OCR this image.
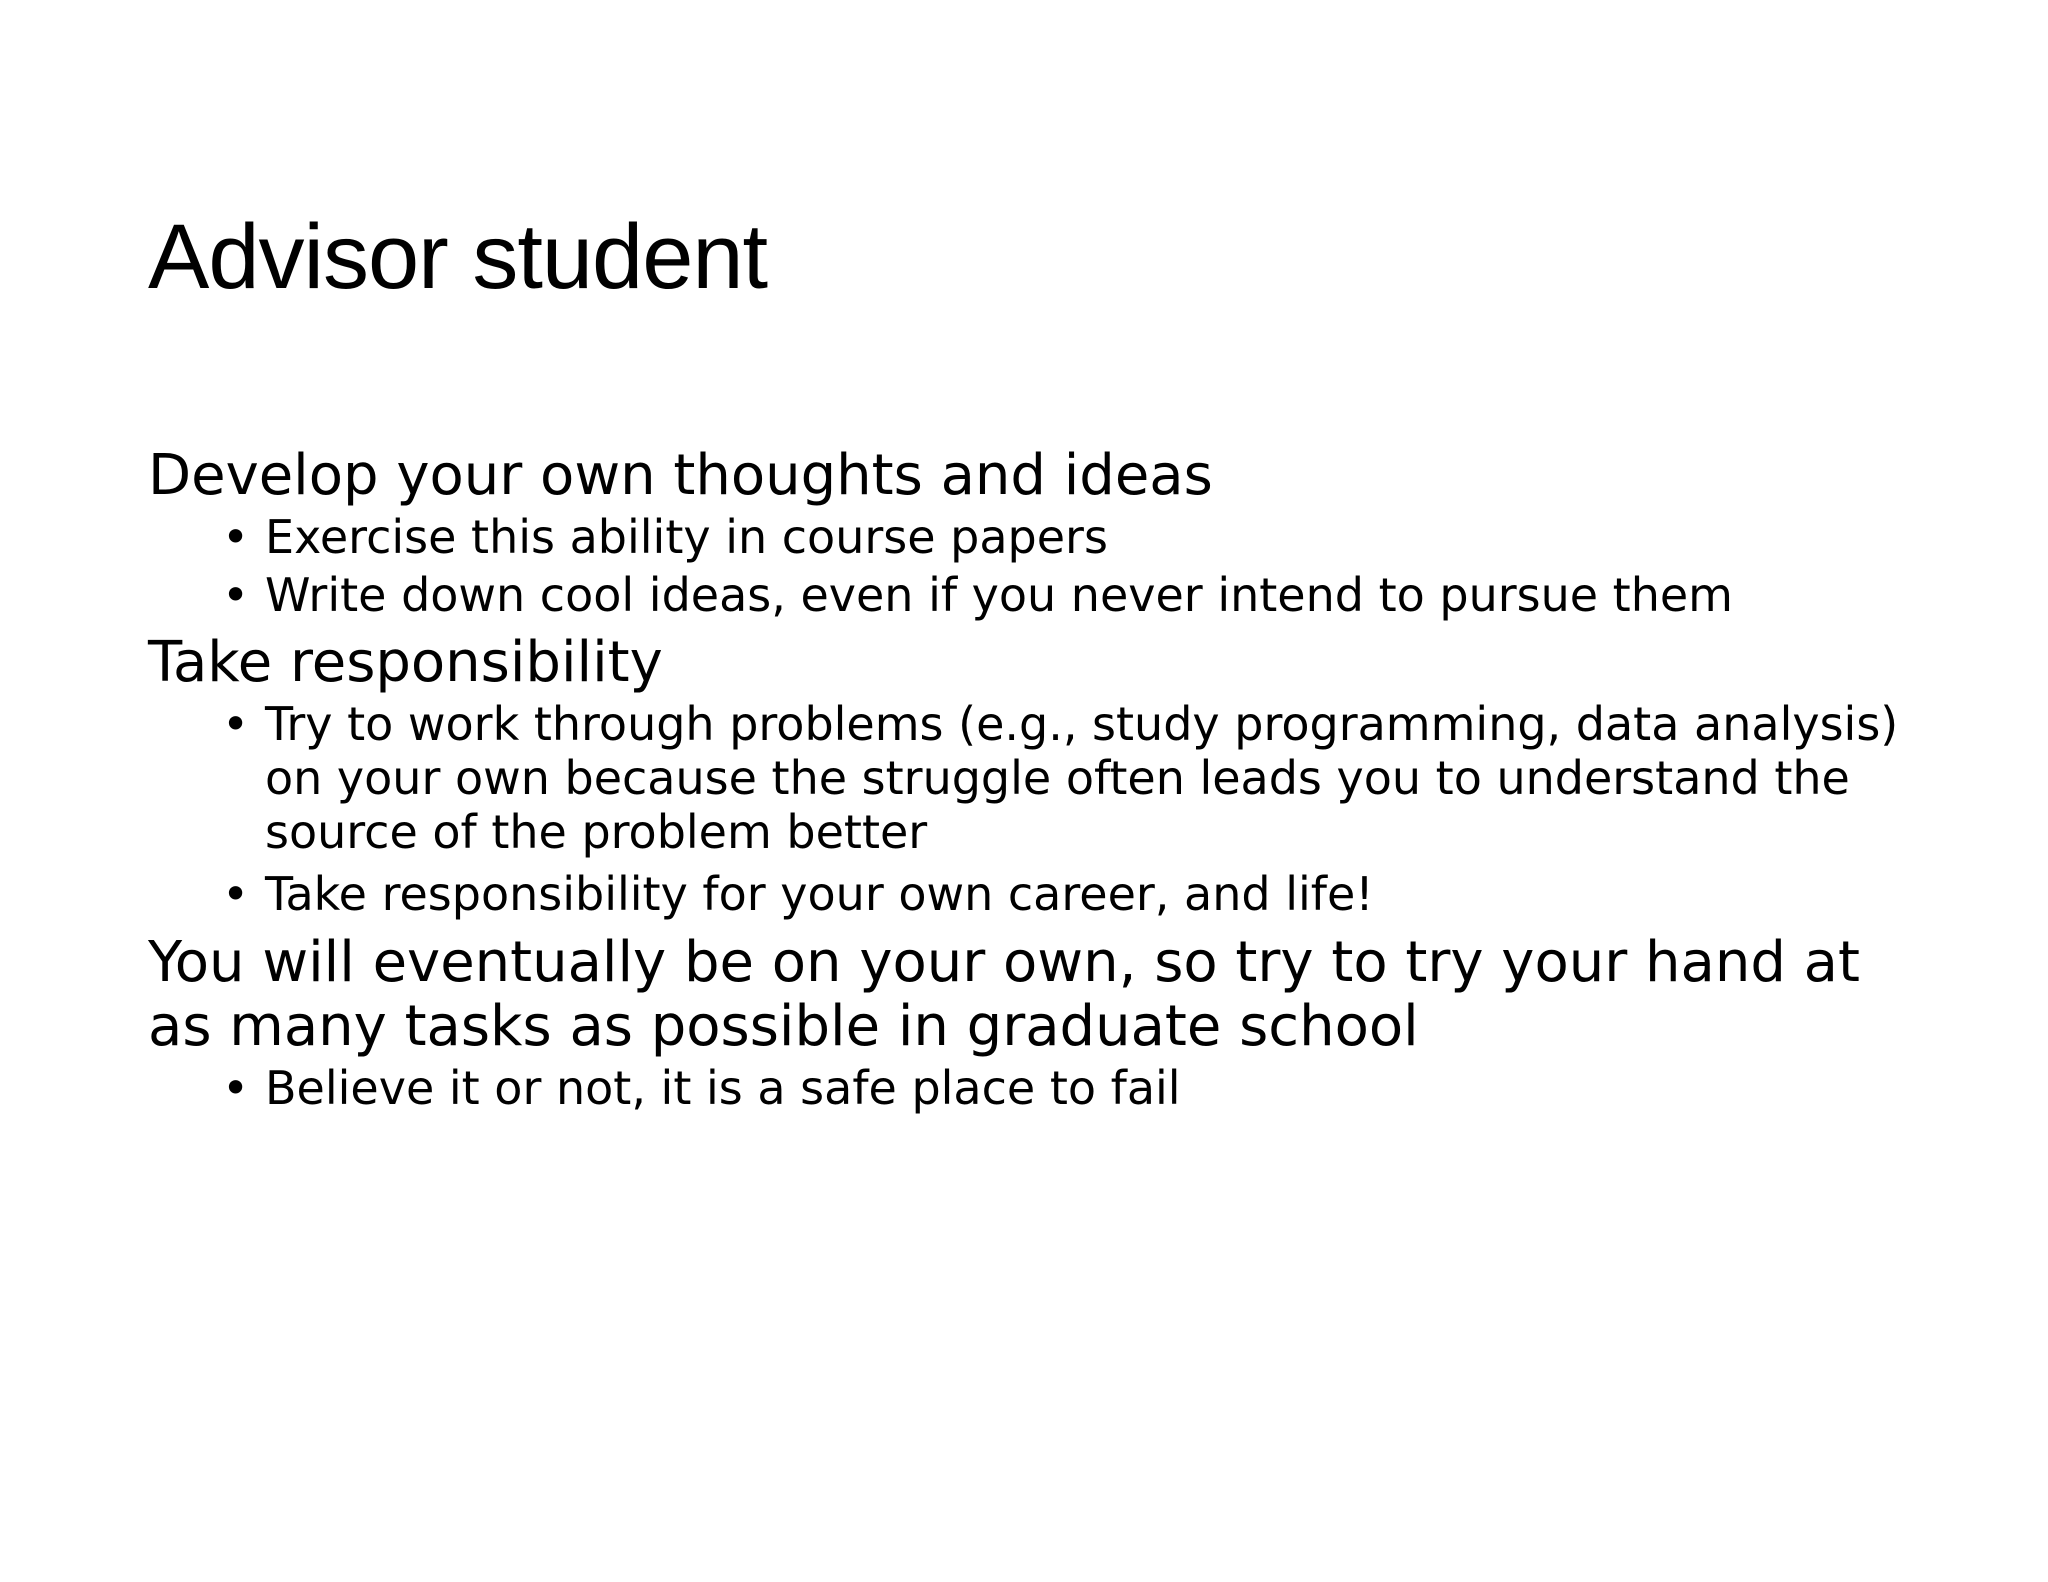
Advisor student

Develop your own thoughts and ideas

• Exercise this ability in course papers
• Write down cool ideas, even if you never intend to pursue them

Take responsibility

• Try to work through problems (e.g., study programming, data analysis) on your own because the struggle often leads you to understand the source of the problem better
• Take responsibility for your own career, and life!

You will eventually be on your own, so try to try your hand at as many tasks as possible in graduate school

• Believe it or not, it is a safe place to fail
